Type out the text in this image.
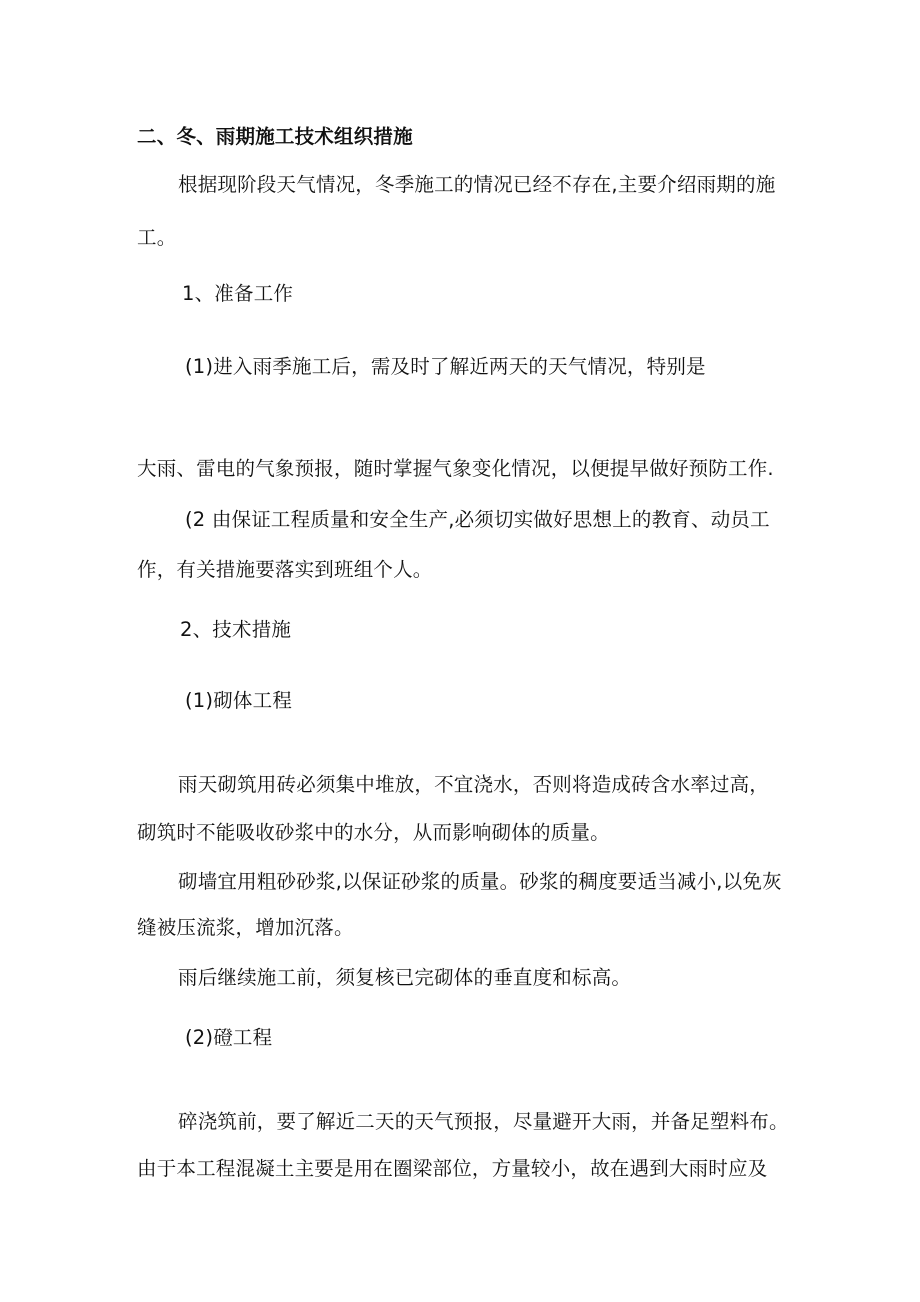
二、冬、雨期施工技术组织措施
根据现阶段天气情况，冬季施工的情况已经不存在,主要介绍雨期的施
工。
1、准备工作
(1)进入雨季施工后，需及时了解近两天的天气情况，特别是
大雨、雷电的气象预报，随时掌握气象变化情况，以便提早做好预防工作.
(2 由保证工程质量和安全生产,必须切实做好思想上的教育、动员工
作，有关措施要落实到班组个人。
2、技术措施
(1)砌体工程
雨天砌筑用砖必须集中堆放，不宜浇水，否则将造成砖含水率过高，
砌筑时不能吸收砂浆中的水分，从而影响砌体的质量。
砌墙宜用粗砂砂浆,以保证砂浆的质量。砂浆的稠度要适当减小,以免灰
缝被压流浆，增加沉落。
雨后继续施工前，须复核已完砌体的垂直度和标高。
(2)磴工程
碎浇筑前，要了解近二天的天气预报，尽量避开大雨，并备足塑料布。
由于本工程混凝土主要是用在圈梁部位，方量较小，故在遇到大雨时应及
